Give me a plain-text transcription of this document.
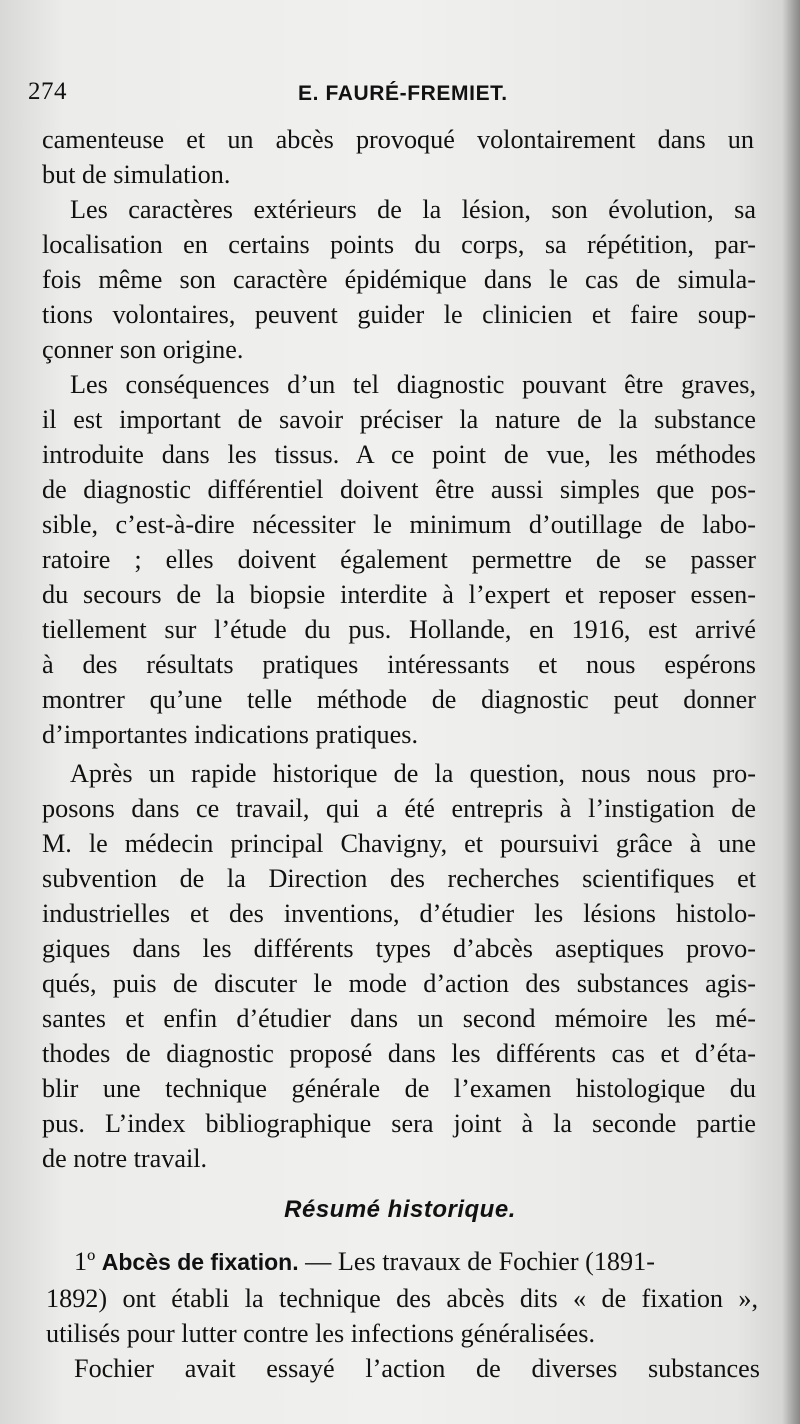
274	E. FAURÉ-FREMIET.
camenteuse et un abcès provoqué volontairement dans un
but de simulation.
Les caractères extérieurs de la lésion, son évolution, sa
localisation en certains points du corps, sa répétition, par-
fois même son caractère épidémique dans le cas de simula-
tions volontaires, peuvent guider le clinicien et faire soup-
çonner son origine.
Les conséquences d’un tel diagnostic pouvant être graves,
il est important de savoir préciser la nature de la substance
introduite dans les tissus. A ce point de vue, les méthodes
de diagnostic différentiel doivent être aussi simples que pos-
sible, c’est-à-dire nécessiter le minimum d’outillage de labo-
ratoire ; elles doivent également permettre de se passer
du secours de la biopsie interdite à l’expert et reposer essen-
tiellement sur l’étude du pus. Hollande, en 1916, est arrivé
à des résultats pratiques intéressants et nous espérons
montrer qu’une telle méthode de diagnostic peut donner
d’importantes indications pratiques.
Après un rapide historique de la question, nous nous pro-
posons dans ce travail, qui a été entrepris à l’instigation de
M. le médecin principal Chavigny, et poursuivi grâce à une
subvention de la Direction des recherches scientifiques et
industrielles et des inventions, d’étudier les lésions histolo-
giques dans les différents types d’abcès aseptiques provo-
qués, puis de discuter le mode d’action des substances agis-
santes et enfin d’étudier dans un second mémoire les mé-
thodes de diagnostic proposé dans les différents cas et d’éta-
blir une technique générale de l’examen histologique du
pus. L’index bibliographique sera joint à la seconde partie
de notre travail.
Résumé historique.
1º Abcès de fixation. — Les travaux de Fochier (1891-
1892) ont établi la technique des abcès dits « de fixation »,
utilisés pour lutter contre les infections généralisées.
Fochier avait essayé l’action de diverses substances
